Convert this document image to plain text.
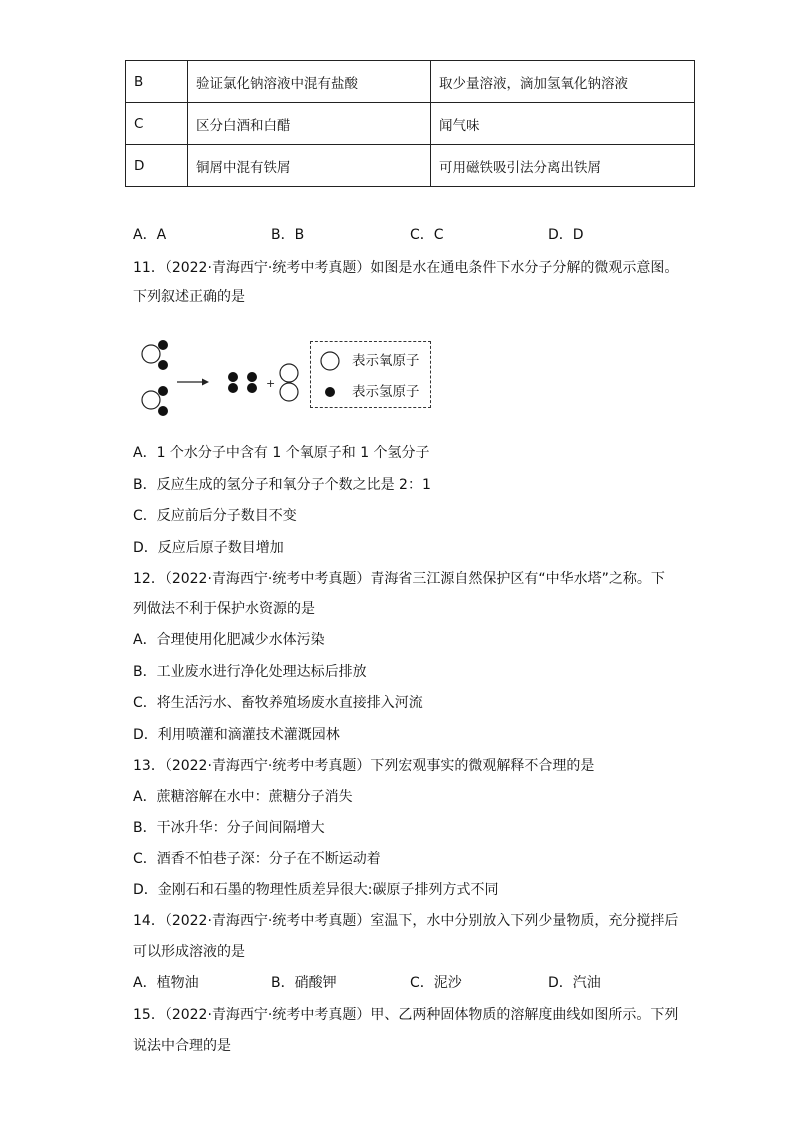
B	验证氯化钠溶液中混有盐酸	取少量溶液，滴加氢氧化钠溶液
C	区分白酒和白醋	闻气味
D	铜屑中混有铁屑	可用磁铁吸引法分离出铁屑
A．A	B．B	C．C	D．D
11．（2022·青海西宁·统考中考真题）如图是水在通电条件下水分子分解的微观示意图。
下列叙述正确的是
+
表示氧原子
表示氢原子
A．1 个水分子中含有 1 个氧原子和 1 个氢分子
B．反应生成的氢分子和氧分子个数之比是 2：1
C．反应前后分子数目不变
D．反应后原子数目增加
12．（2022·青海西宁·统考中考真题）青海省三江源自然保护区有“中华水塔”之称。下
列做法不利于保护水资源的是
A．合理使用化肥减少水体污染
B．工业废水进行净化处理达标后排放
C．将生活污水、畜牧养殖场废水直接排入河流
D．利用喷灌和滴灌技术灌溉园林
13．（2022·青海西宁·统考中考真题）下列宏观事实的微观解释不合理的是
A．蔗糖溶解在水中：蔗糖分子消失
B．干冰升华：分子间间隔增大
C．酒香不怕巷子深：分子在不断运动着
D．金刚石和石墨的物理性质差异很大:碳原子排列方式不同
14．（2022·青海西宁·统考中考真题）室温下，水中分别放入下列少量物质，充分搅拌后
可以形成溶液的是
A．植物油	B．硝酸钾	C．泥沙	D．汽油
15．（2022·青海西宁·统考中考真题）甲、乙两种固体物质的溶解度曲线如图所示。下列
说法中合理的是
